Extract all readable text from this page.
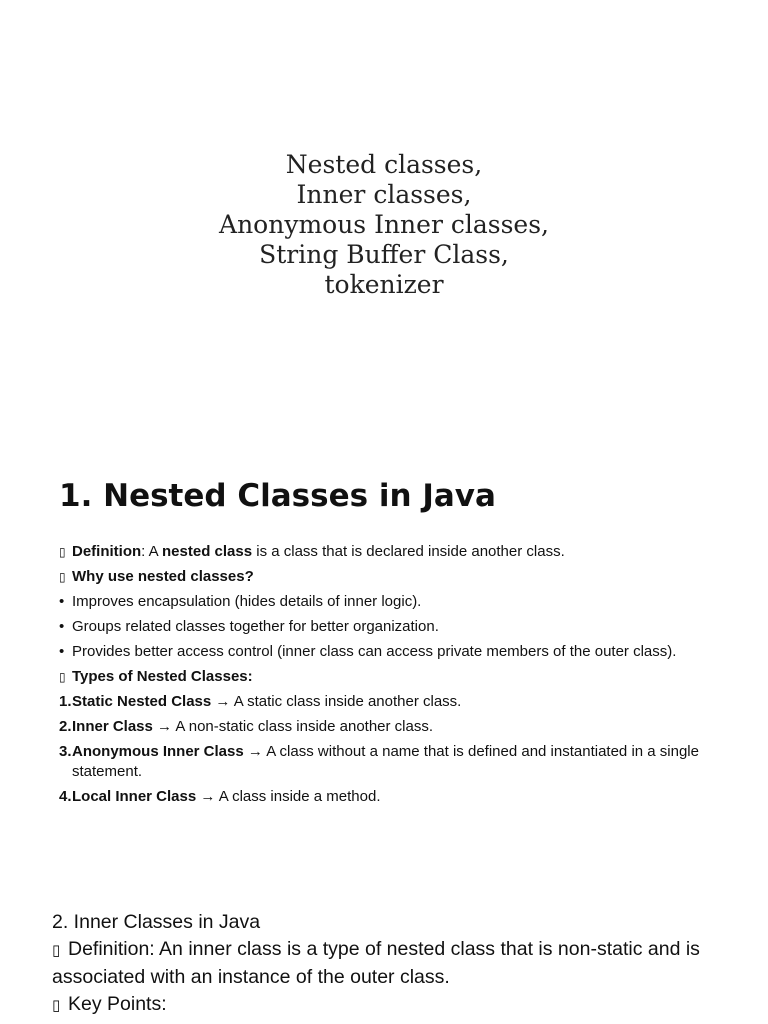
Nested classes,
Inner classes,
Anonymous Inner classes,
String Buffer Class,
tokenizer
1. Nested Classes in Java

▯ Definition: A nested class is a class that is declared inside another class.

▯ Why use nested classes?

• Improves encapsulation (hides details of inner logic).
• Groups related classes together for better organization.
• Provides better access control (inner class can access private members of the outer class).

▯ Types of Nested Classes:

1. Static Nested Class → A static class inside another class.
2. Inner Class → A non-static class inside another class.
3. Anonymous Inner Class → A class without a name that is defined and instantiated in a single statement.
4. Local Inner Class → A class inside a method.
2. Inner Classes in Java
▯ Definition: An inner class is a type of nested class that is non-static and is associated with an instance of the outer class.
▯ Key Points:
